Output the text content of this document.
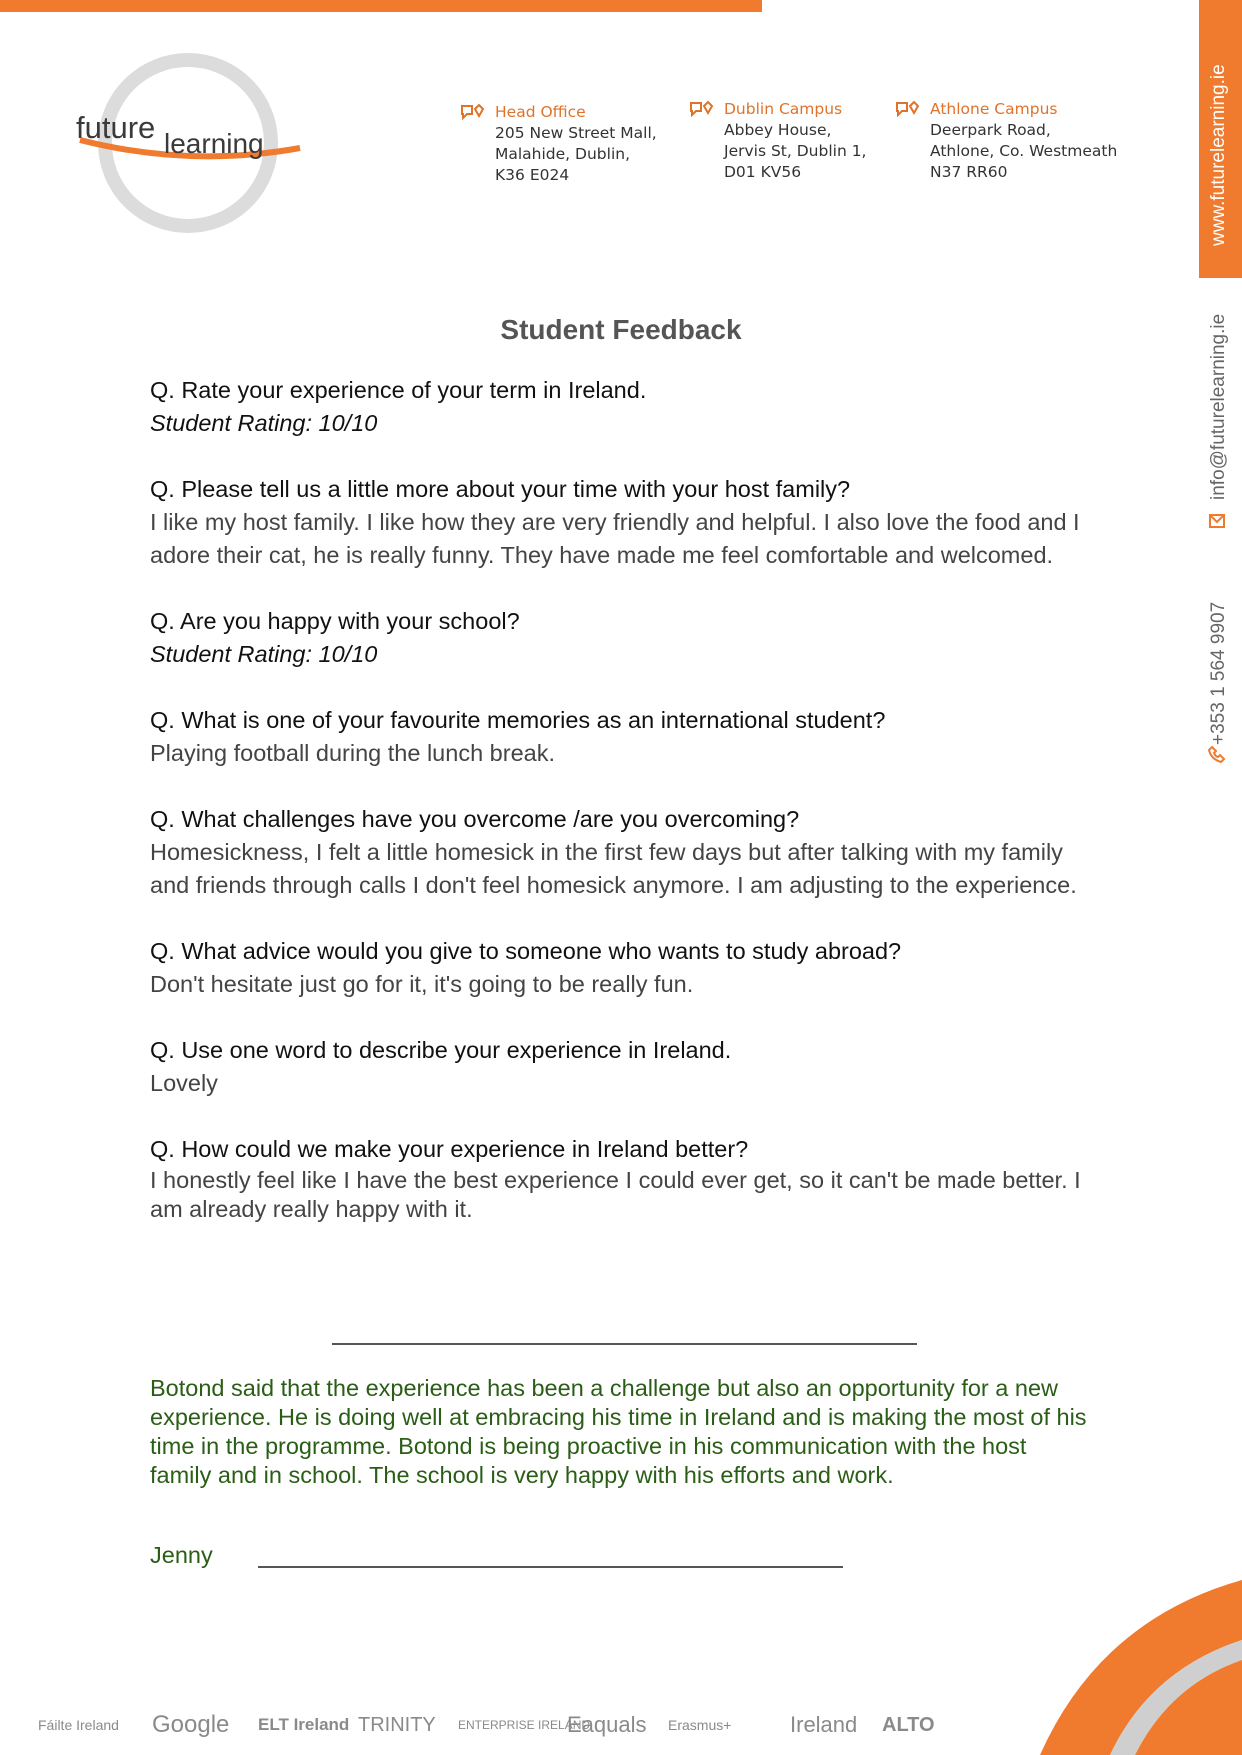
www.futurelearning.ie
info@futurelearning.ie
+353 1 564 9907
future learning
Head Office
205 New Street Mall,
Malahide, Dublin,
K36 E024
Dublin Campus
Abbey House,
Jervis St, Dublin 1,
D01 KV56
Athlone Campus
Deerpark Road,
Athlone, Co. Westmeath
N37 RR60
Student Feedback

Q. Rate your experience of your term in Ireland.

Student Rating: 10/10

Q. Please tell us a little more about your time with your host family?

I like my host family. I like how they are very friendly and helpful. I also love the food and I adore their cat, he is really funny. They have made me feel comfortable and welcomed.

Q. Are you happy with your school?

Student Rating: 10/10

Q. What is one of your favourite memories as an international student?

Playing football during the lunch break.

Q. What challenges have you overcome /are you overcoming?

Homesickness, I felt a little homesick in the first few days but after talking with my family and friends through calls I don't feel homesick anymore. I am adjusting to the experience.

Q. What advice would you give to someone who wants to study abroad?

Don't hesitate just go for it, it's going to be really fun.

Q. Use one word to describe your experience in Ireland.

Lovely

Q. How could we make your experience in Ireland better?

I honestly feel like I have the best experience I could ever get, so it can't be made better. I am already really happy with it.

Botond said that the experience has been a challenge but also an opportunity for a new experience. He is doing well at embracing his time in Ireland and is making the most of his time in the programme. Botond is being proactive in his communication with the host family and in school. The school is very happy with his efforts and work.
Jenny
Fáilte Ireland Google ELT Ireland TRINITY ENTERPRISE IRELAND
Eaquals Erasmus+	Ireland ALTO
